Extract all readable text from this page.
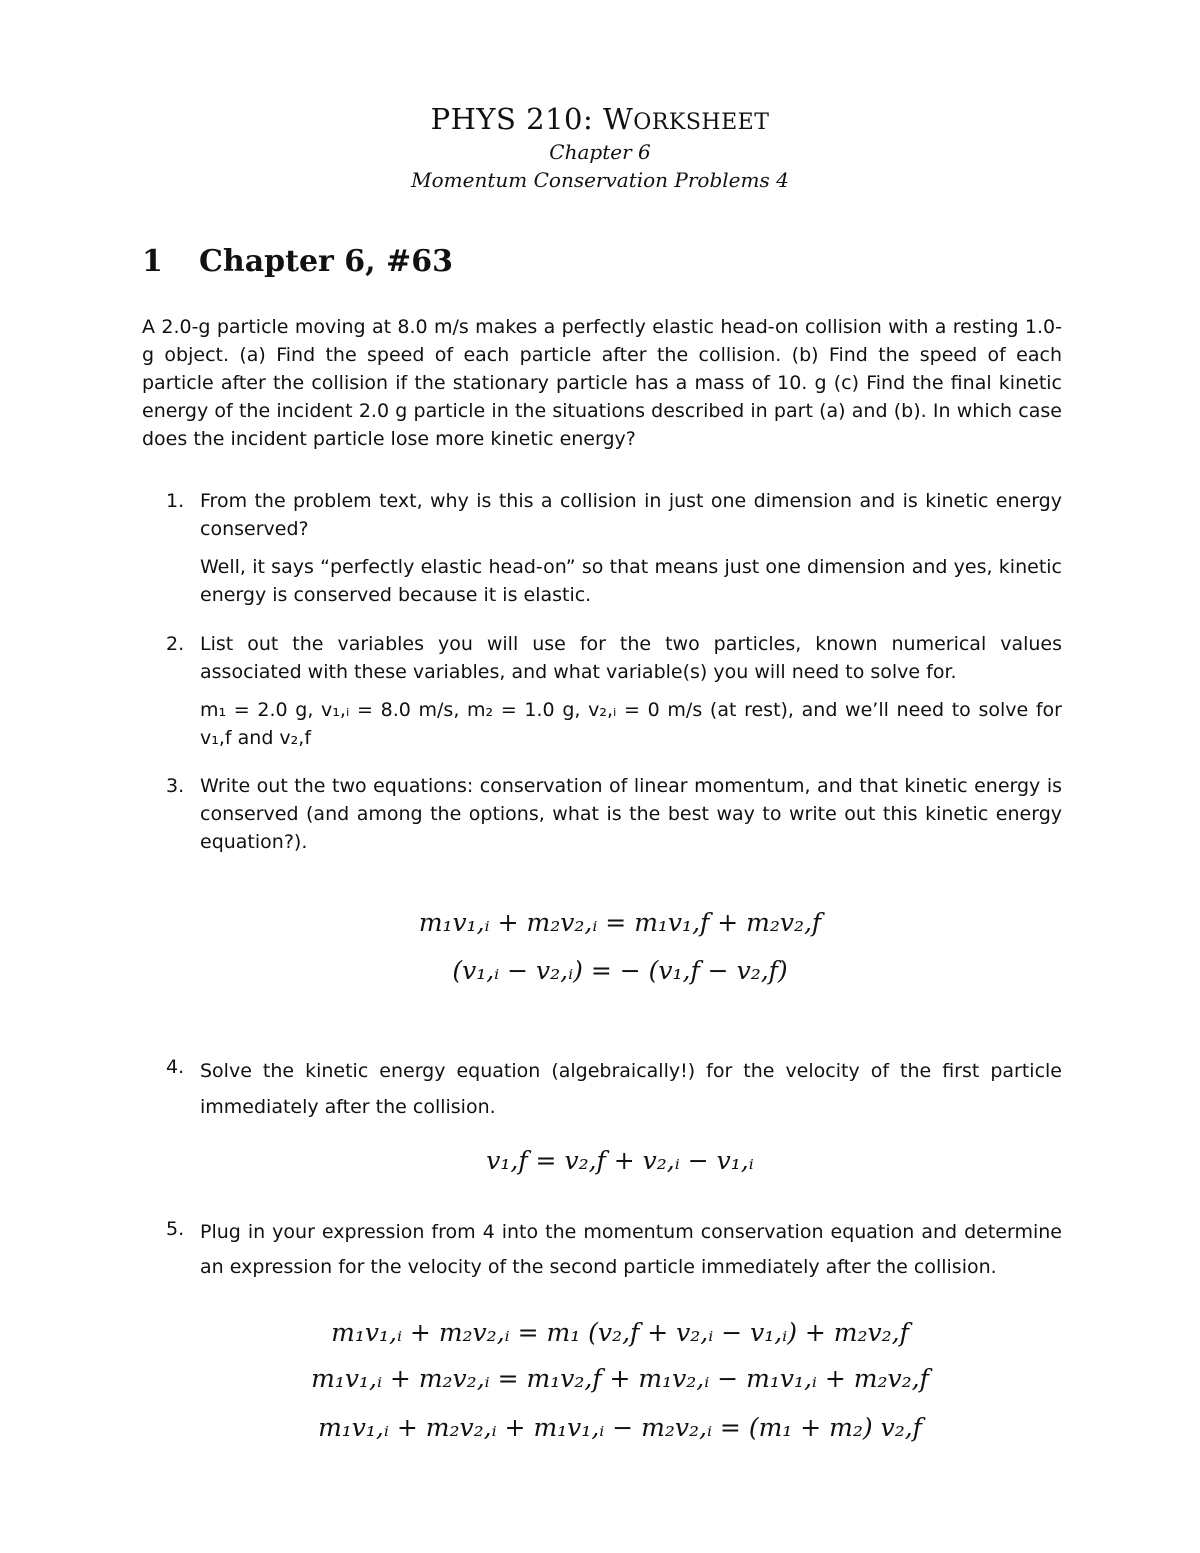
PHYS 210: WORKSHEET
Chapter 6
Momentum Conservation Problems 4
1 Chapter 6, #63
A 2.0-g particle moving at 8.0 m/s makes a perfectly elastic head-on collision with a resting 1.0-g object. (a) Find the speed of each particle after the collision. (b) Find the speed of each particle after the collision if the stationary particle has a mass of 10. g (c) Find the final kinetic energy of the incident 2.0 g particle in the situations described in part (a) and (b). In which case does the incident particle lose more kinetic energy?
1. From the problem text, why is this a collision in just one dimension and is kinetic energy conserved?
Well, it says “perfectly elastic head-on” so that means just one dimension and yes, kinetic energy is conserved because it is elastic.
2. List out the variables you will use for the two particles, known numerical values associated with these variables, and what variable(s) you will need to solve for.
m₁ = 2.0 g, v₁,ᵢ = 8.0 m/s, m₂ = 1.0 g, v₂,ᵢ = 0 m/s (at rest), and we’ll need to solve for v₁,f and v₂,f
3. Write out the two equations: conservation of linear momentum, and that kinetic energy is conserved (and among the options, what is the best way to write out this kinetic energy equation?).
m₁v₁,ᵢ + m₂v₂,ᵢ = m₁v₁,f + m₂v₂,f
(v₁,ᵢ − v₂,ᵢ) = − (v₁,f − v₂,f)
4. Solve the kinetic energy equation (algebraically!) for the velocity of the first particle immediately after the collision.
v₁,f = v₂,f + v₂,ᵢ − v₁,ᵢ
5. Plug in your expression from 4 into the momentum conservation equation and determine an expression for the velocity of the second particle immediately after the collision.
m₁v₁,ᵢ + m₂v₂,ᵢ = m₁ (v₂,f + v₂,ᵢ − v₁,ᵢ) + m₂v₂,f
m₁v₁,ᵢ + m₂v₂,ᵢ = m₁v₂,f + m₁v₂,ᵢ − m₁v₁,ᵢ + m₂v₂,f
m₁v₁,ᵢ + m₂v₂,ᵢ + m₁v₁,ᵢ − m₂v₂,ᵢ = (m₁ + m₂) v₂,f
